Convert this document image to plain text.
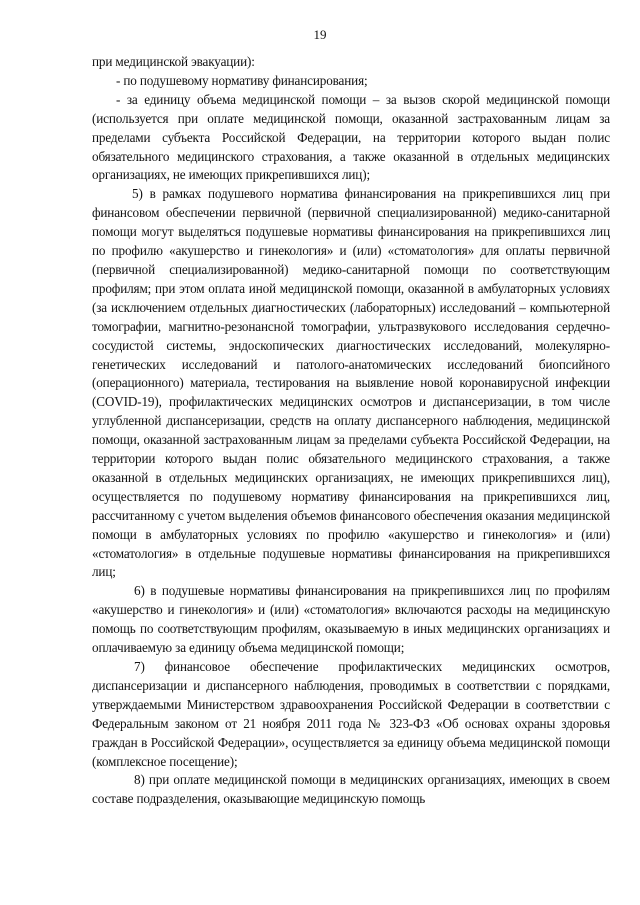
19

при медицинской эвакуации):

- по подушевому нормативу финансирования;

- за единицу объема медицинской помощи – за вызов скорой медицинской помощи (используется при оплате медицинской помощи, оказанной застрахованным лицам за пределами субъекта Российской Федерации, на территории которого выдан полис обязательного медицинского страхования, а также оказанной в отдельных медицинских организациях, не имеющих прикрепившихся лиц);

5) в рамках подушевого норматива финансирования на прикрепившихся лиц при финансовом обеспечении первичной (первичной специализированной) медико-санитарной помощи могут выделяться подушевые нормативы финансирования на прикрепившихся лиц по профилю «акушерство и гинекология» и (или) «стоматология» для оплаты первичной (первичной специализированной) медико-санитарной помощи по соответствующим профилям; при этом оплата иной медицинской помощи, оказанной в амбулаторных условиях (за исключением отдельных диагностических (лабораторных) исследований – компьютерной томографии, магнитно-резонансной томографии, ультразвукового исследования сердечно-сосудистой системы, эндоскопических диагностических исследований, молекулярно-генетических исследований и патолого-анатомических исследований биопсийного (операционного) материала, тестирования на выявление новой коронавирусной инфекции (COVID-19), профилактических медицинских осмотров и диспансеризации, в том числе углубленной диспансеризации, средств на оплату диспансерного наблюдения, медицинской помощи, оказанной застрахованным лицам за пределами субъекта Российской Федерации, на территории которого выдан полис обязательного медицинского страхования, а также оказанной в отдельных медицинских организациях, не имеющих прикрепившихся лиц), осуществляется по подушевому нормативу финансирования на прикрепившихся лиц, рассчитанному с учетом выделения объемов финансового обеспечения оказания медицинской помощи в амбулаторных условиях по профилю «акушерство и гинекология» и (или) «стоматология» в отдельные подушевые нормативы финансирования на прикрепившихся лиц;

6) в подушевые нормативы финансирования на прикрепившихся лиц по профилям «акушерство и гинекология» и (или) «стоматология» включаются расходы на медицинскую помощь по соответствующим профилям, оказываемую в иных медицинских организациях и оплачиваемую за единицу объема медицинской помощи;

7) финансовое обеспечение профилактических медицинских осмотров, диспансеризации и диспансерного наблюдения, проводимых в соответствии с порядками, утверждаемыми Министерством здравоохранения Российской Федерации в соответствии с Федеральным законом от 21 ноября 2011 года № 323-ФЗ «Об основах охраны здоровья граждан в Российской Федерации», осуществляется за единицу объема медицинской помощи (комплексное посещение);

8) при оплате медицинской помощи в медицинских организациях, имеющих в своем составе подразделения, оказывающие медицинскую помощь
